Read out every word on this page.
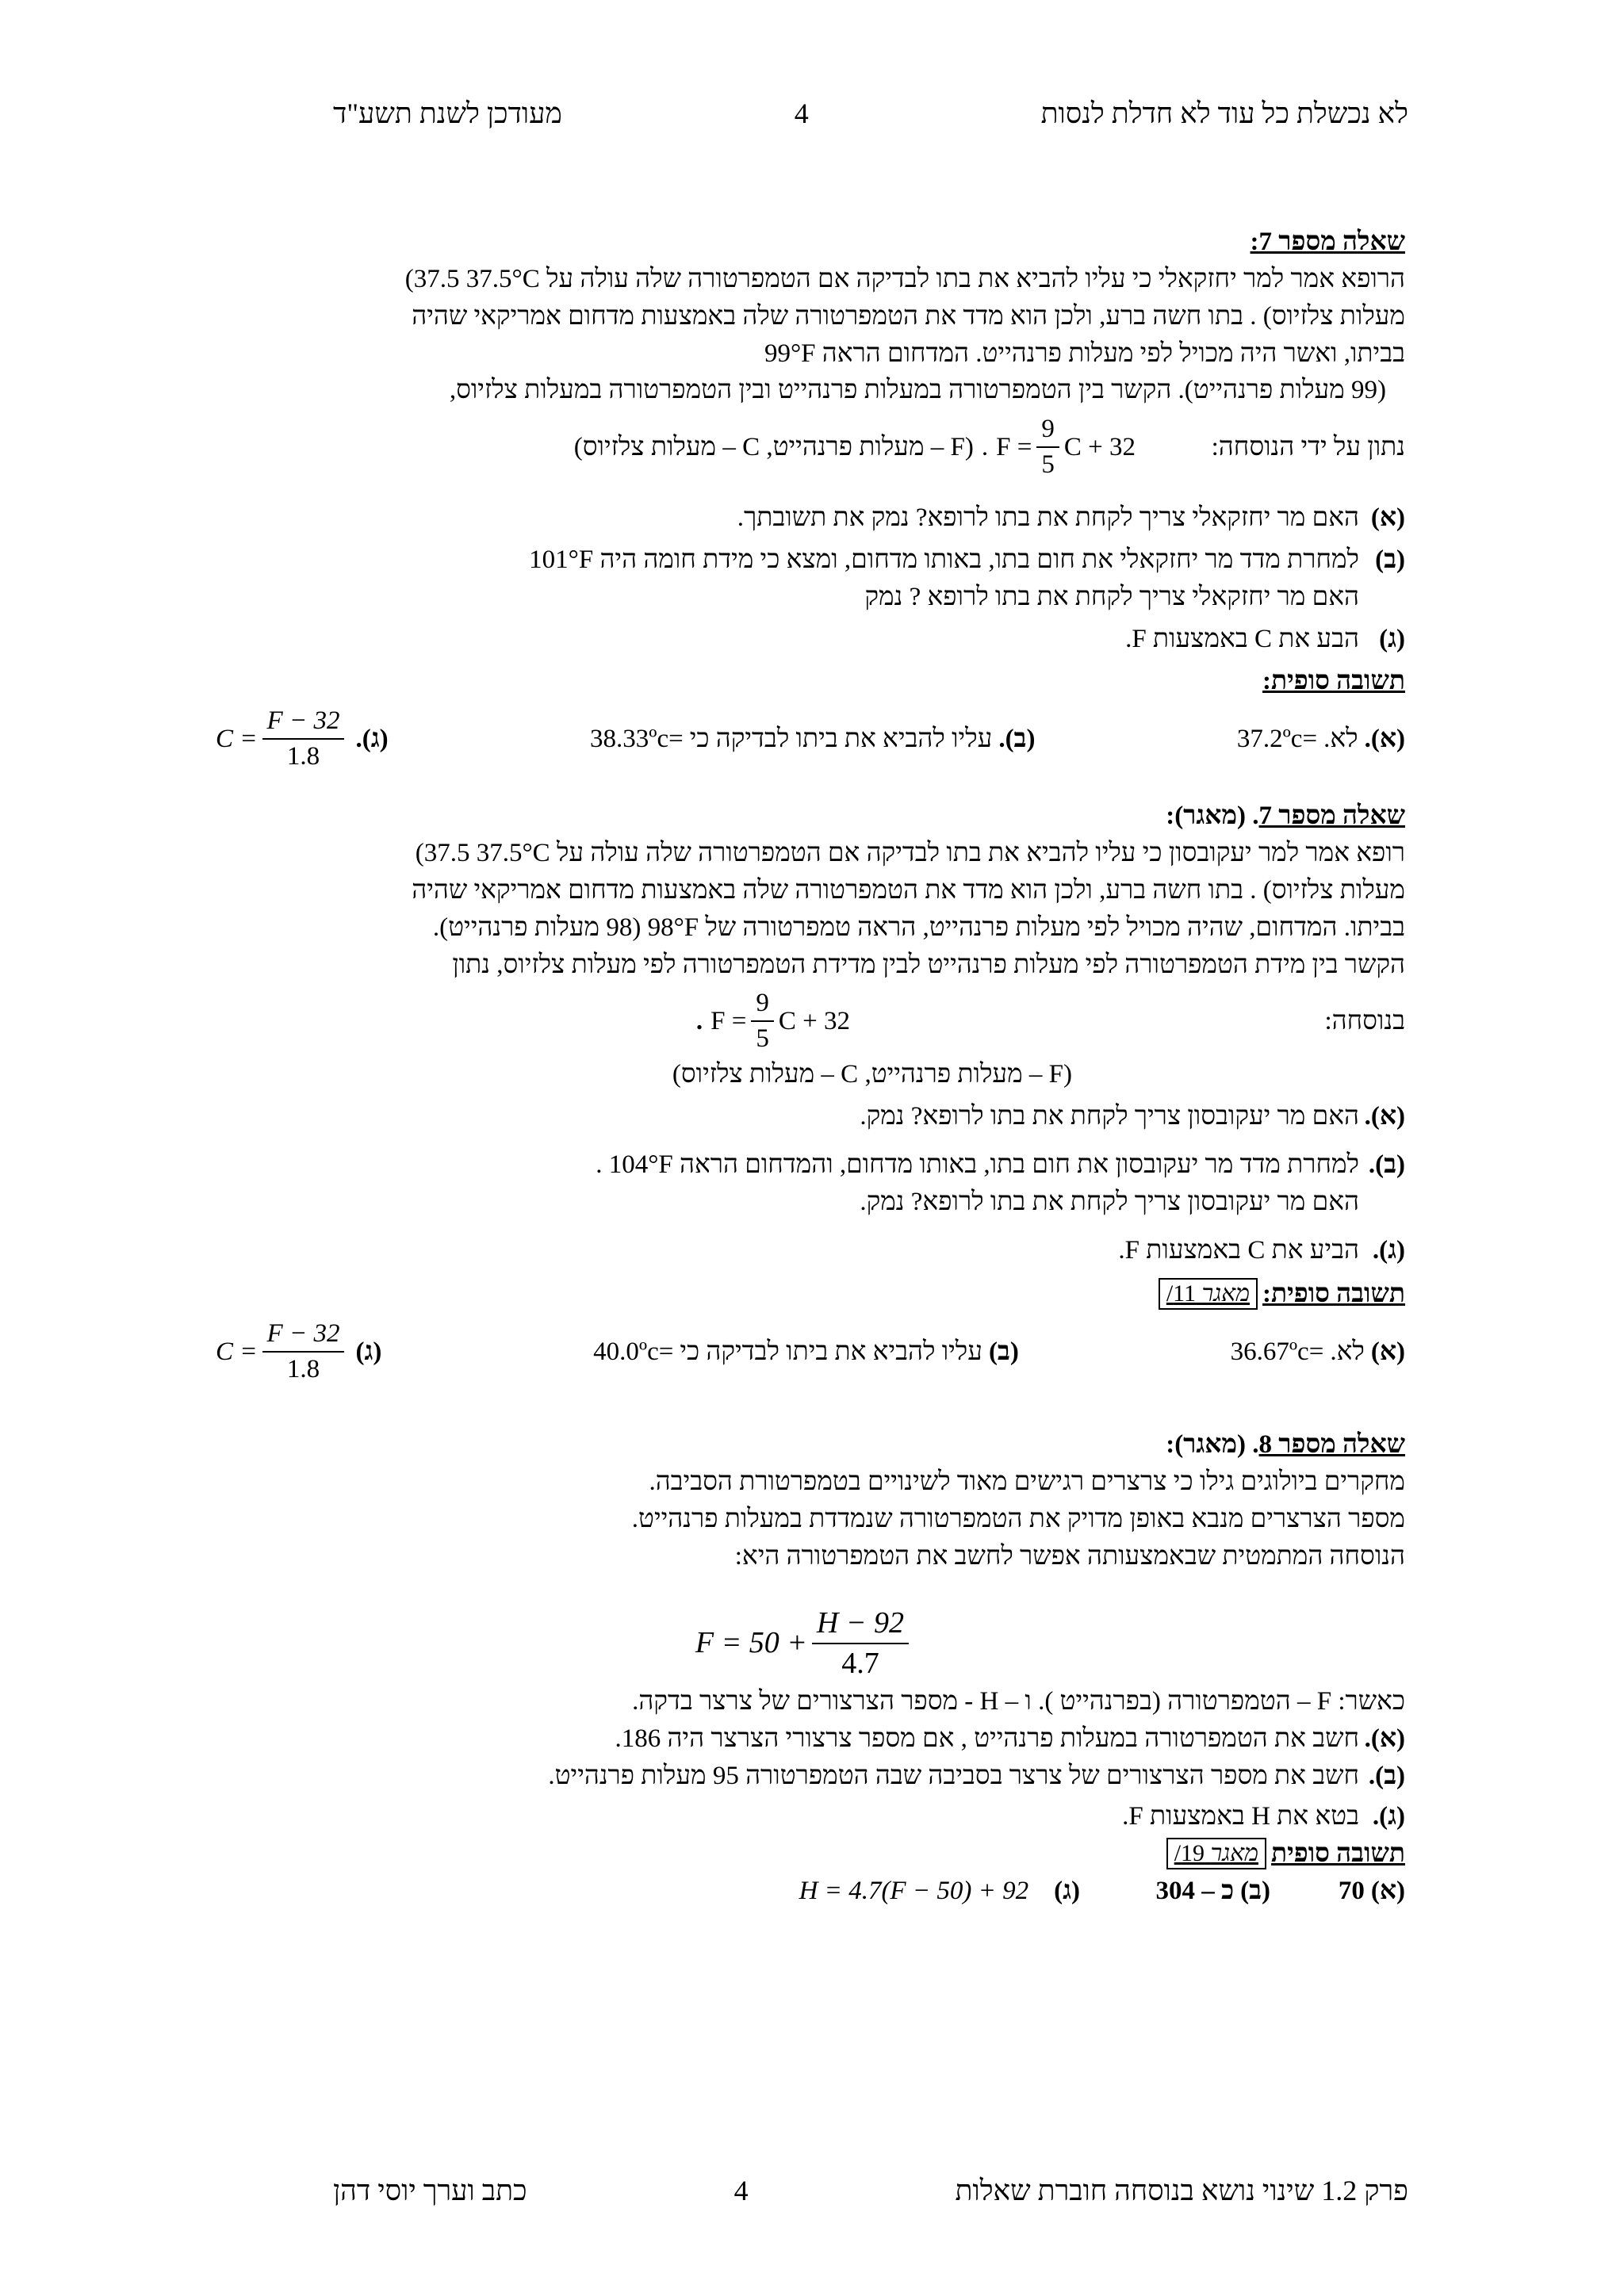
לא נכשלת כל עוד לא חדלת לנסות
4
מעודכן לשנת תשע"ד

שאלה מספר 7:

הרופא אמר למר יחזקאלי כי עליו להביא את בתו לבדיקה אם הטמפרטורה שלה עולה על 37.5°C (37.5

מעלות צלזיוס) . בתו חשה ברע, ולכן הוא מדד את הטמפרטורה שלה באמצעות מדחום אמריקאי שהיה

בביתו, ואשר היה מכויל לפי מעלות פרנהייט. המדחום הראה 99°F

(99 מעלות פרנהייט). הקשר בין הטמפרטורה במעלות פרנהייט ובין הטמפרטורה במעלות צלזיוס,

נתון על ידי הנוסחה:
. $F = \frac{9}{5}$ C + 32
(F – מעלות פרנהייט, C – מעלות צלזיוס)
(א)
האם מר יחזקאלי צריך לקחת את בתו לרופא? נמק את תשובתך.
(ב)
למחרת מדד מר יחזקאלי את חום בתו, באותו מדחום, ומצא כי מידת חומה היה 101°F
האם מר יחזקאלי צריך לקחת את בתו לרופא ? נמק
(ג)
הבע את C באמצעות F.

תשובה סופית:

(א).
לא.
37.2ºc=
(ב).
עליו להביא את ביתו לבדיקה כי
38.33ºc=
(ג).
$C = \frac{F - 32}{1.8}$

שאלה מספר 7. (מאגר):

רופא אמר למר יעקובסון כי עליו להביא את בתו לבדיקה אם הטמפרטורה שלה עולה על 37.5°C (37.5

מעלות צלזיוס) . בתו חשה ברע, ולכן הוא מדד את הטמפרטורה שלה באמצעות מדחום אמריקאי שהיה

בביתו. המדחום, שהיה מכויל לפי מעלות פרנהייט, הראה טמפרטורה של 98°F (98 מעלות פרנהייט).

הקשר בין מידת הטמפרטורה לפי מעלות פרנהייט לבין מדידת הטמפרטורה לפי מעלות צלזיוס, נתון

בנוסחה:
. $F = \frac{9}{5}$ C + 32

(F – מעלות פרנהייט, C – מעלות צלזיוס)

(א).
האם מר יעקובסון צריך לקחת את בתו לרופא? נמק.
(ב).
למחרת מדד מר יעקובסון את חום בתו, באותו מדחום, והמדחום הראה 104°F .
האם מר יעקובסון צריך לקחת את בתו לרופא? נמק.
(ג).
הביע את C באמצעות F.

תשובה סופית:
מאגר 11/

(א)
לא.
36.67ºc=
(ב)
עליו להביא את ביתו לבדיקה כי
40.0ºc=
(ג)
$C = \frac{F - 32}{1.8}$

שאלה מספר 8. (מאגר):

מחקרים ביולוגים גילו כי צרצרים רגישים מאוד לשינויים בטמפרטורת הסביבה.

מספר הצרצרים מנבא באופן מדויק את הטמפרטורה שנמדדת במעלות פרנהייט.

הנוסחה המתמטית שבאמצעותה אפשר לחשב את הטמפרטורה היא:

$F = 50 + \frac{H - 92}{4.7}$

כאשר: F – הטמפרטורה (בפרנהייט ). ו – H - מספר הצרצורים של צרצר בדקה.

(א).
חשב את הטמפרטורה במעלות פרנהייט , אם מספר צרצורי הצרצר היה 186.
(ב).
חשב את מספר הצרצורים של צרצר בסביבה שבה הטמפרטורה 95 מעלות פרנהייט.
(ג).
בטא את H באמצעות F.

תשובה סופית
מאגר 19/

(א)
70
(ב)
כ – 304
(ג)
H = 4.7(F − 50) + 92
פרק 1.2 שינוי נושא בנוסחה חוברת שאלות
4
כתב וערך יוסי דהן
